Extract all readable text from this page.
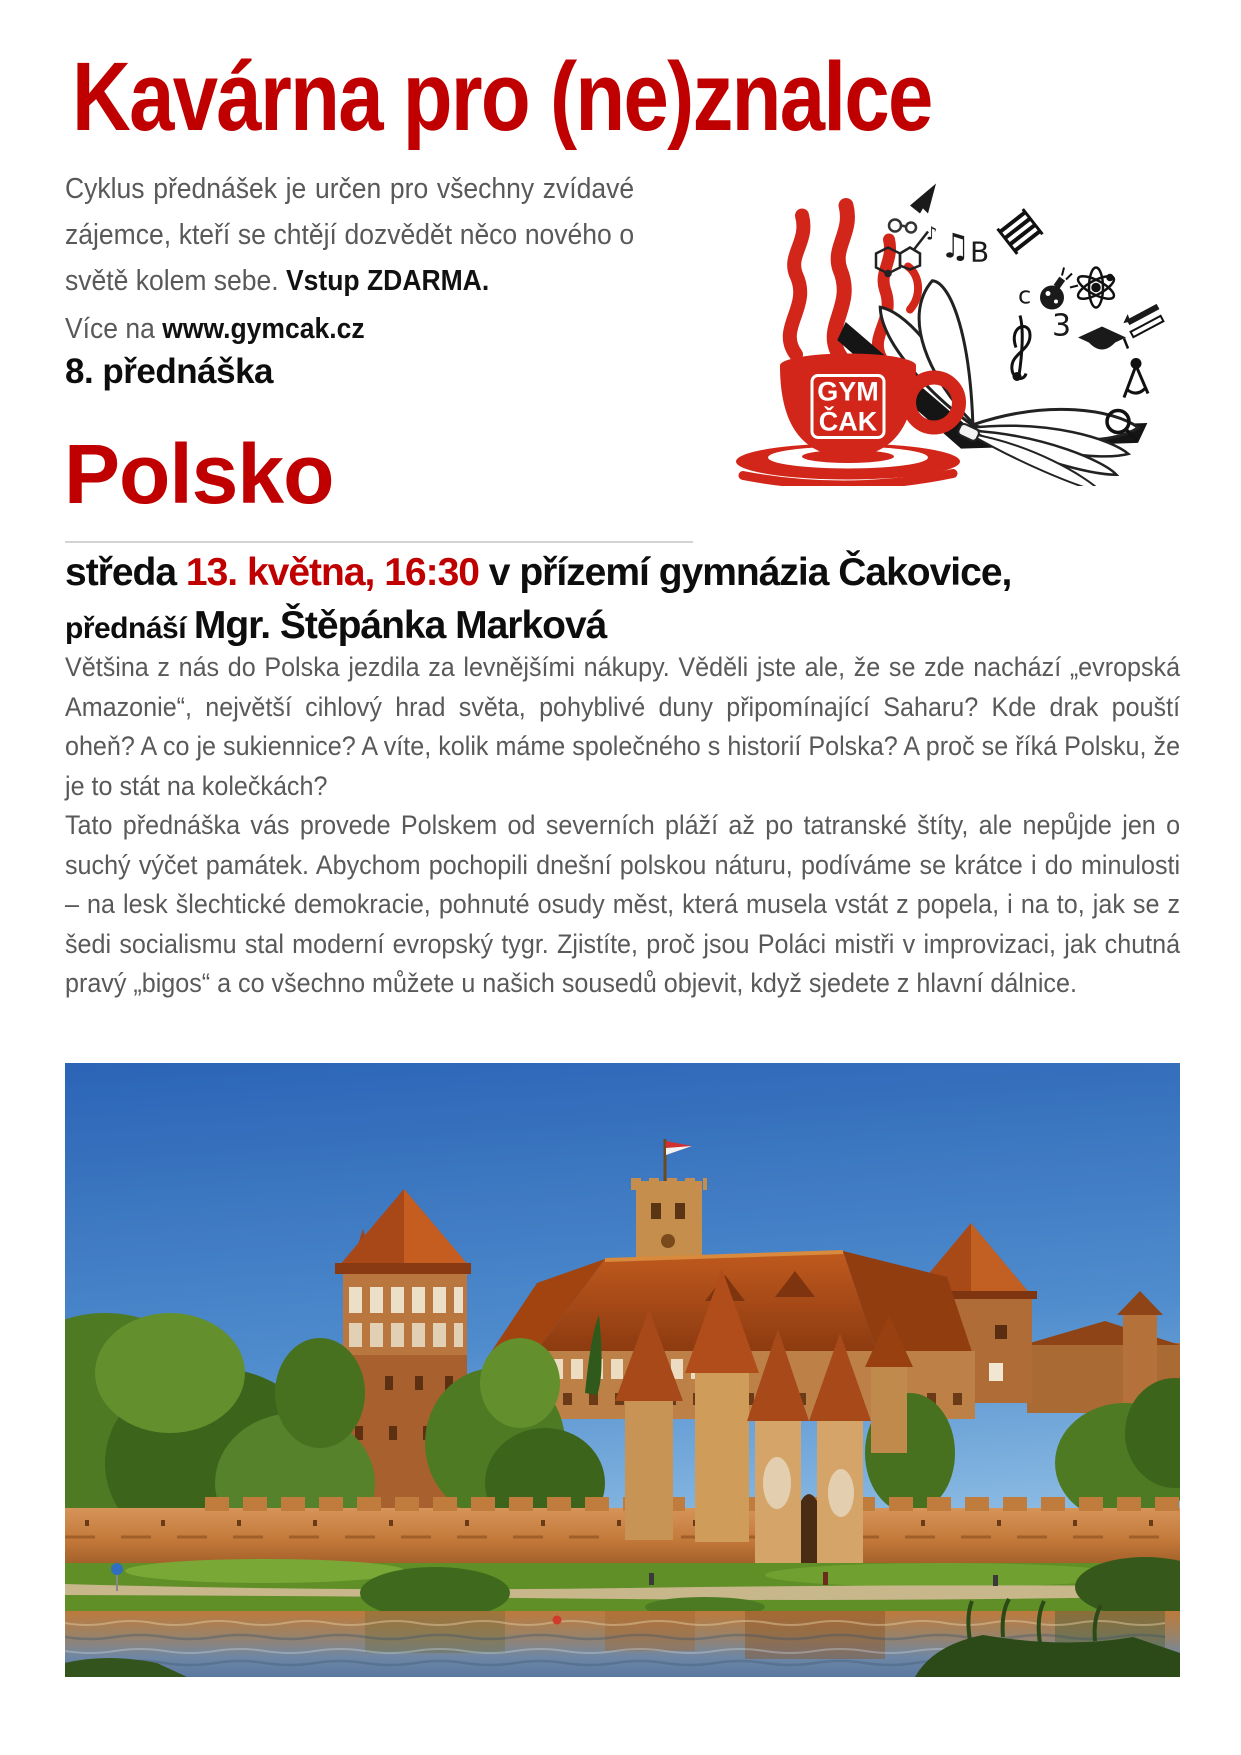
Kavárna pro (ne)znalce

Cyklus přednášek je určen pro všechny zvídavé zájemce, kteří se chtějí dozvědět něco nového o světě kolem sebe. Vstup ZDARMA.

Více na www.gymcak.cz
8. přednáška
Polsko
středa 13. května, 16:30 v přízemí gymnázia Čakovice,
přednáší Mgr. Štěpánka Marková

Většina z nás do Polska jezdila za levnějšími nákupy. Věděli jste ale, že se zde nachází „evropská Amazonie“, největší cihlový hrad světa, pohyblivé duny připomínající Saharu? Kde drak pouští oheň? A co je sukiennice? A víte, kolik máme společného s historií Polska? A proč se říká Polsku, že je to stát na kolečkách?

Tato přednáška vás provede Polskem od severních pláží až po tatranské štíty, ale nepůjde jen o suchý výčet památek. Abychom pochopili dnešní polskou náturu, podíváme se krátce i do minulosti – na lesk šlechtické demokracie, pohnuté osudy měst, která musela vstát z popela, i na to, jak se z šedi socialismu stal moderní evropský tygr. Zjistíte, proč jsou Poláci mistři v improvizaci, jak chutná pravý „bigos“ a co všechno můžete u našich sousedů objevit, když sjedete z hlavní dálnice.

♫
♪
B
c
3
GYM
ČAK
